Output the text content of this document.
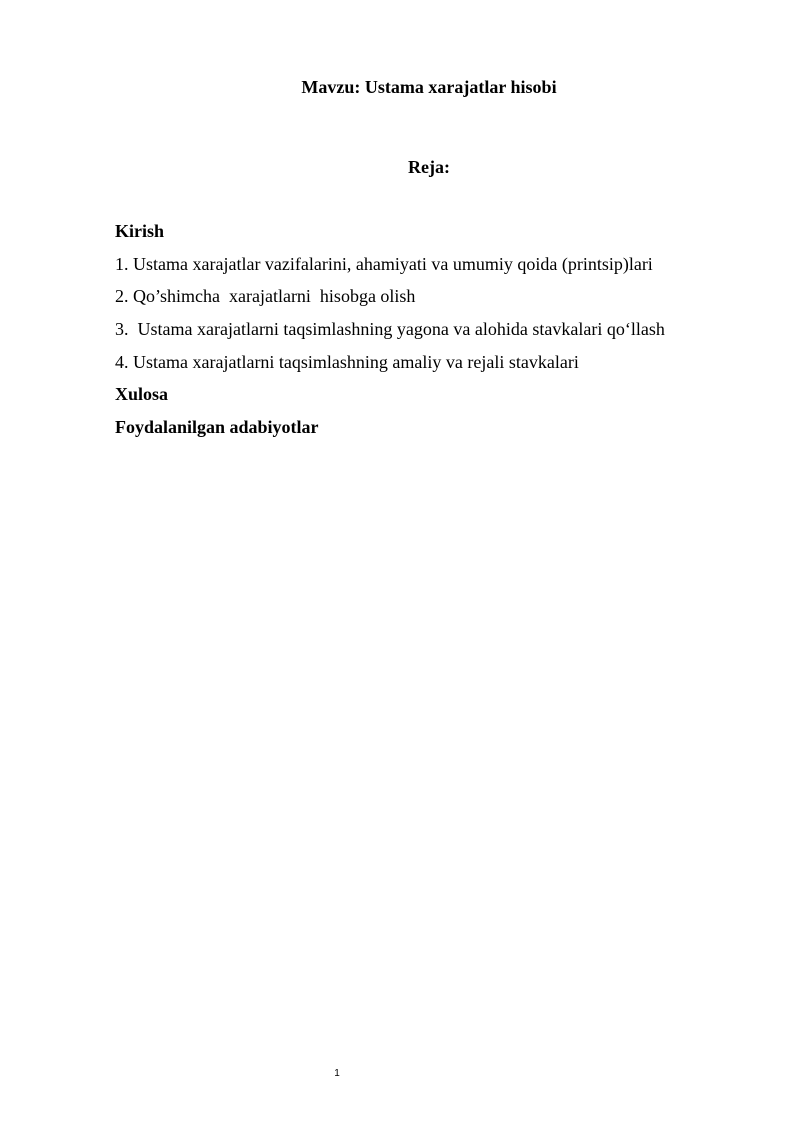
Mavzu: Ustama xarajatlar hisobi
Reja:
Kirish
1. Ustama xarajatlar vazifalarini, ahamiyati va umumiy qoida (printsip)lari
2. Qo’shimcha  xarajatlarni  hisobga olish
3.  Ustama xarajatlarni taqsimlashning yagona va alohida stavkalari qo‘llash
4. Ustama xarajatlarni taqsimlashning amaliy va rejali stavkalari
Xulosa
Foydalanilgan adabiyotlar
1
